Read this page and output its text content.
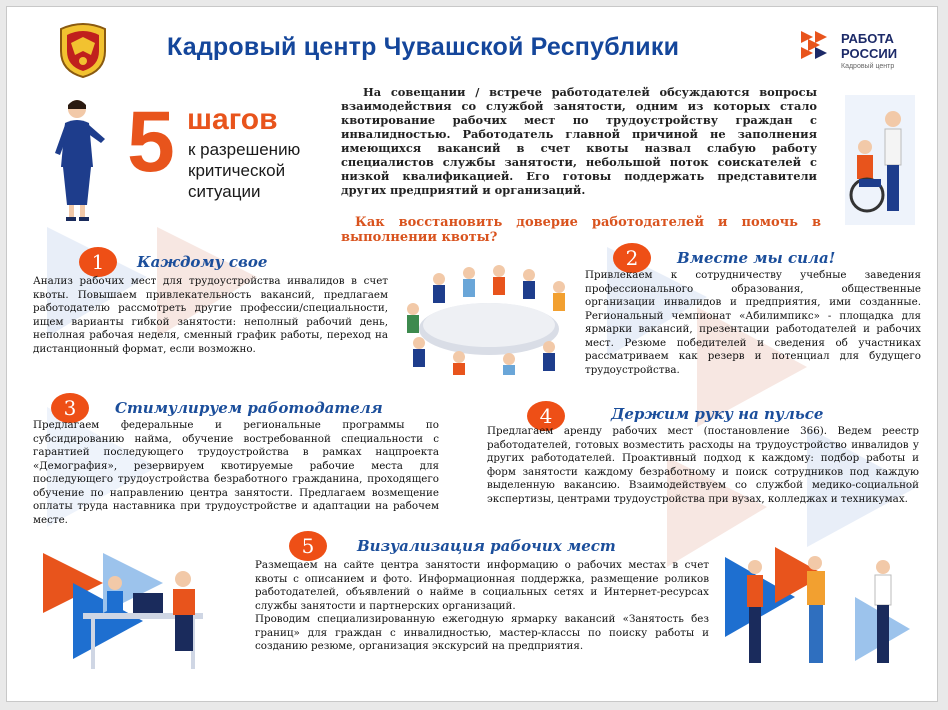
Кадровый центр Чувашской Республики	РАБОТА
РОССИИ
Кадровый центр
5 шагов
к разрешению критической ситуации
На совещании / встрече работодателей обсуждаются вопросы взаимодействия со службой занятости, одним из которых стало квотирование рабочих мест по трудоустройству граждан с инвалидностью. Работодатель главной причиной не заполнения имеющихся вакансий в счет квоты назвал слабую работу специалистов службы занятости, небольшой поток соискателей с низкой квалификацией. Его готовы поддержать представители других предприятий и организаций.
Как восстановить доверие работодателей и помочь в выполнении квоты?
1	Каждому свое
Анализ рабочих мест для трудоустройства инвалидов в счет квоты. Повышаем привлекательность вакансий, предлагаем работодателю рассмотреть другие профессии/специальности, ищем варианты гибкой занятости: неполный рабочий день, неполная рабочая неделя, сменный график работы, переход на дистанционный формат, если возможно.
2	Вместе мы сила!
Привлекаем к сотрудничеству учебные заведения профессионального образования, общественные организации инвалидов и предприятия, ими созданные. Региональный чемпионат «Абилимпикс» - площадка для ярмарки вакансий, презентации работодателей и рабочих мест. Резюме победителей и сведения об участниках рассматриваем как резерв и потенциал для будущего трудоустройства.
3	Стимулируем работодателя
Предлагаем федеральные и региональные программы по субсидированию найма, обучение востребованной специальности с гарантией последующего трудоустройства в рамках нацпроекта «Демография», резервируем квотируемые рабочие места для последующего трудоустройства безработного гражданина, проходящего обучение по направлению центра занятости. Предлагаем возмещение оплаты труда наставника при трудоустройстве и адаптации на рабочем месте.
4	Держим руку на пульсе
Предлагаем аренду рабочих мест (постановление 366). Ведем реестр работодателей, готовых возместить расходы на трудоустройство инвалидов у других работодателей. Проактивный подход к каждому: подбор работы и форм занятости каждому безработному и поиск сотрудников под каждую выделенную вакансию. Взаимодействуем со службой медико-социальной экспертизы, центрами трудоустройства при вузах, колледжах и техникумах.
5	Визуализация рабочих мест
Размещаем на сайте центра занятости информацию о рабочих местах в счет квоты с описанием и фото. Информационная поддержка, размещение роликов работодателей, объявлений о найме в социальных сетях и Интернет-ресурсах службы занятости и партнерских организаций.
Проводим специализированную ежегодную ярмарку вакансий «Занятость без границ» для граждан с инвалидностью, мастер-классы по поиску работы и созданию резюме, организация экскурсий на предприятия.
